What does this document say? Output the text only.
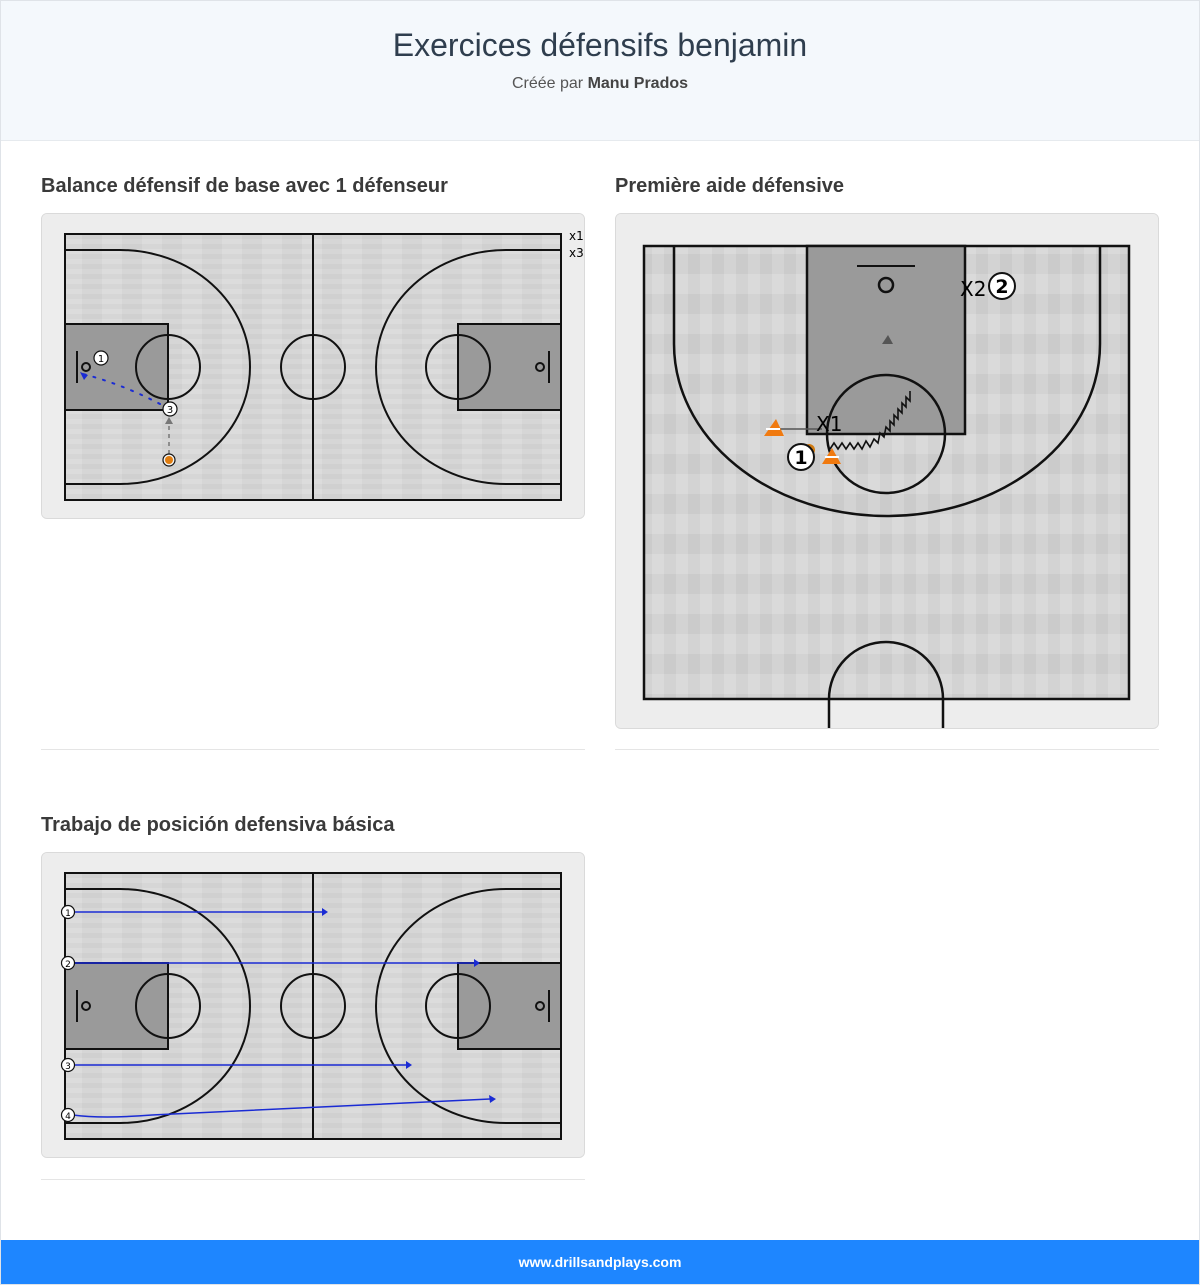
Exercices défensifs benjamin
Créée par Manu Prados
Balance défensif de base avec 1 défenseur
1
3
x1
x3
Première aide défensive
1
2
X1
X2
Trabajo de posición defensiva básica
1
2
3
4
www.drillsandplays.com
